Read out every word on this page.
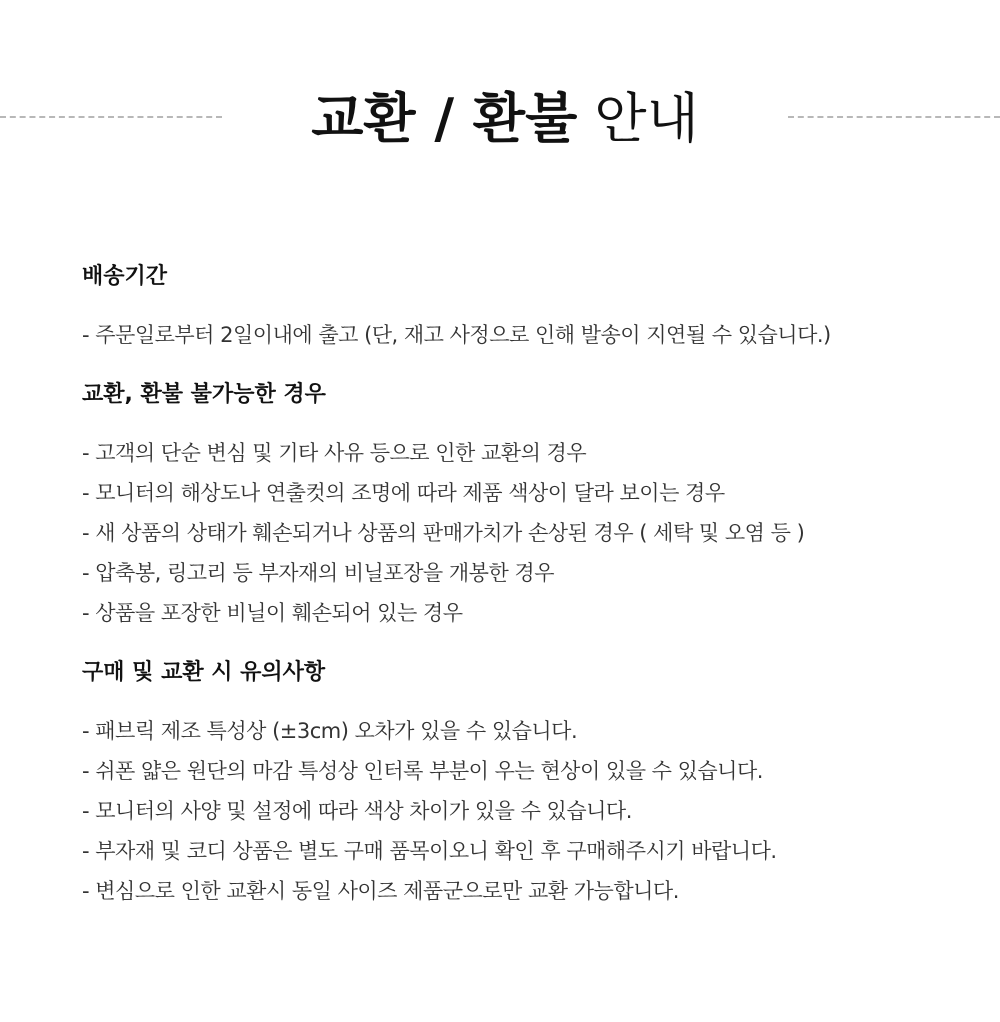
교환 / 환불 안내
배송기간
- 주문일로부터 2일이내에 출고 (단, 재고 사정으로 인해 발송이 지연될 수 있습니다.)
교환, 환불 불가능한 경우
- 고객의 단순 변심 및 기타 사유 등으로 인한 교환의 경우
- 모니터의 해상도나 연출컷의 조명에 따라 제품 색상이 달라 보이는 경우
- 새 상품의 상태가 훼손되거나 상품의 판매가치가 손상된 경우 ( 세탁 및 오염 등 )
- 압축봉, 링고리 등 부자재의 비닐포장을 개봉한 경우
- 상품을 포장한 비닐이 훼손되어 있는 경우
구매 및 교환 시 유의사항
- 패브릭 제조 특성상 (±3cm) 오차가 있을 수 있습니다.
- 쉬폰 얇은 원단의 마감 특성상 인터록 부분이 우는 현상이 있을 수 있습니다.
- 모니터의 사양 및 설정에 따라 색상 차이가 있을 수 있습니다.
- 부자재 및 코디 상품은 별도 구매 품목이오니 확인 후 구매해주시기 바랍니다.
- 변심으로 인한 교환시 동일 사이즈 제품군으로만 교환 가능합니다.
